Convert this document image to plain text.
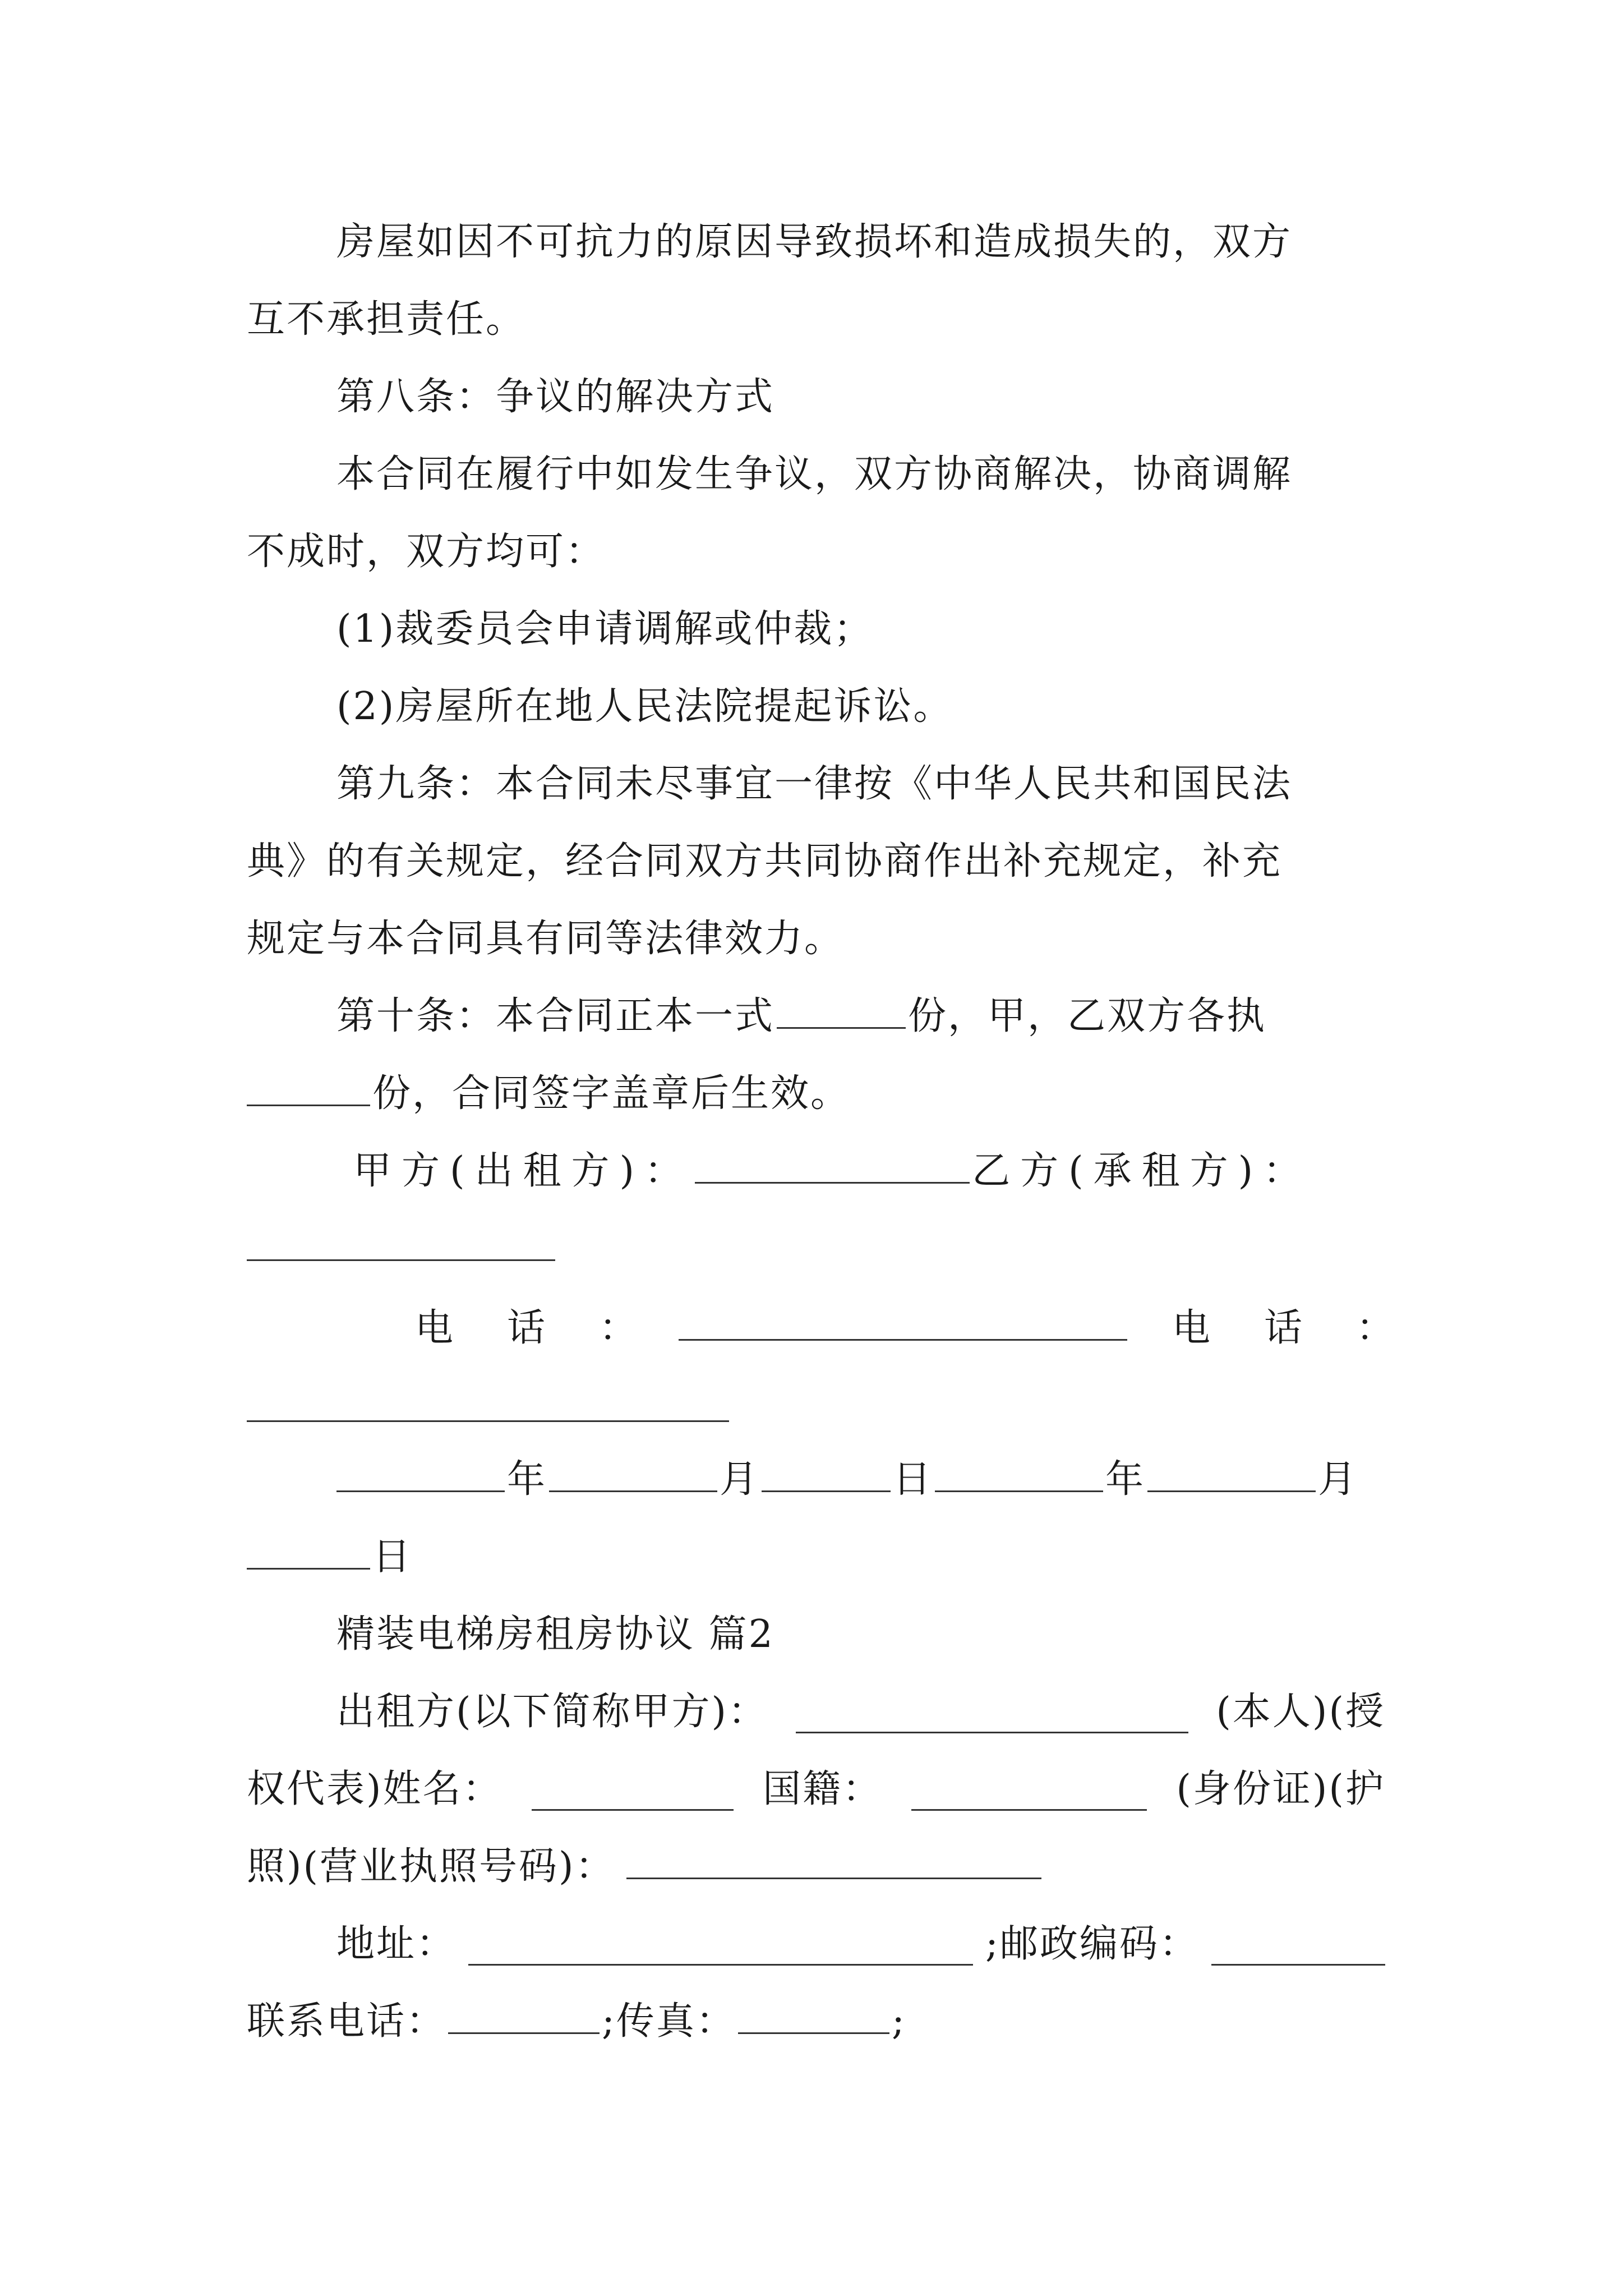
房屋如因不可抗力的原因导致损坏和造成损失的，双方
互不承担责任。
第八条：争议的解决方式
本合同在履行中如发生争议，双方协商解决，协商调解
不成时，双方均可：
(1)裁委员会申请调解或仲裁；
(2)房屋所在地人民法院提起诉讼。
第九条：本合同未尽事宜一律按《中华人民共和国民法
典》的有关规定，经合同双方共同协商作出补充规定，补充
规定与本合同具有同等法律效力。
第十条：本合同正本一式	份，甲，乙双方各执
份，合同签字盖章后生效。
甲方(出租方)：	乙方(承租方)：
电　话　：	电　话　：
年	月	日	年	月
日
精装电梯房租房协议 篇2
出租方(以下简称甲方)：	(本人)(授
权代表)姓名：	国籍：	(身份证)(护
照)(营业执照号码)：
地址：	;邮政编码：
联系电话：	;传真：	;
